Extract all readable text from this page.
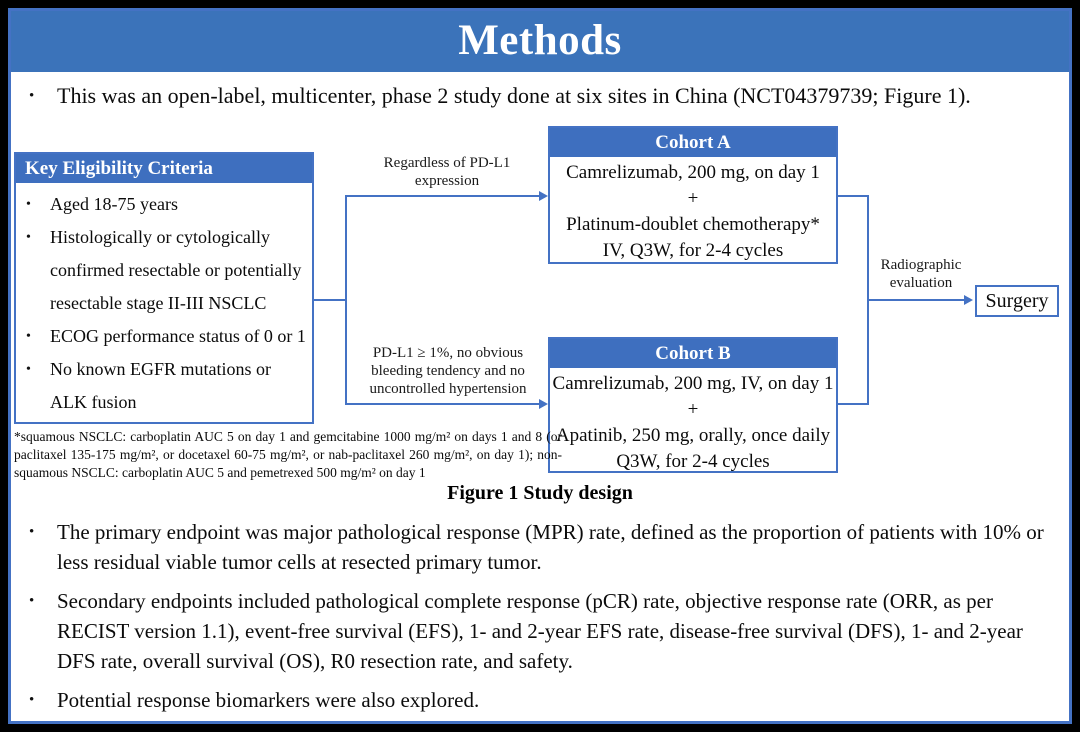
Methods
•	This was an open-label, multicenter, phase 2 study done at six sites in China (NCT04379739; Figure 1).
Key Eligibility Criteria
•	Aged 18-75 years
•	Histologically or cytologically confirmed resectable or potentially resectable stage II-III NSCLC
•	ECOG performance status of 0 or 1
•	No known EGFR mutations or ALK fusion
Cohort A
Camrelizumab, 200 mg, on day 1
+
Platinum-doublet chemotherapy*
IV, Q3W, for 2-4 cycles
Cohort B
Camrelizumab, 200 mg, IV, on day 1
+
Apatinib, 250 mg, orally, once daily
Q3W, for 2-4 cycles
Surgery
Regardless of PD-L1 expression
PD-L1 ≥ 1%, no obvious bleeding tendency and no uncontrolled hypertension
Radiographic evaluation
*squamous NSCLC: carboplatin AUC 5 on day 1 and gemcitabine 1000 mg/m² on days 1 and 8 (or paclitaxel 135-175 mg/m², or docetaxel 60-75 mg/m², or nab-paclitaxel 260 mg/m², on day 1); non-squamous NSCLC: carboplatin AUC 5 and pemetrexed 500 mg/m² on day 1
Figure 1 Study design
•	The primary endpoint was major pathological response (MPR) rate, defined as the proportion of patients with 10% or less residual viable tumor cells at resected primary tumor.
•	Secondary endpoints included pathological complete response (pCR) rate, objective response rate (ORR, as per RECIST version 1.1), event-free survival (EFS), 1- and 2-year EFS rate, disease-free survival (DFS), 1- and 2-year DFS rate, overall survival (OS), R0 resection rate, and safety.
•	Potential response biomarkers were also explored.
